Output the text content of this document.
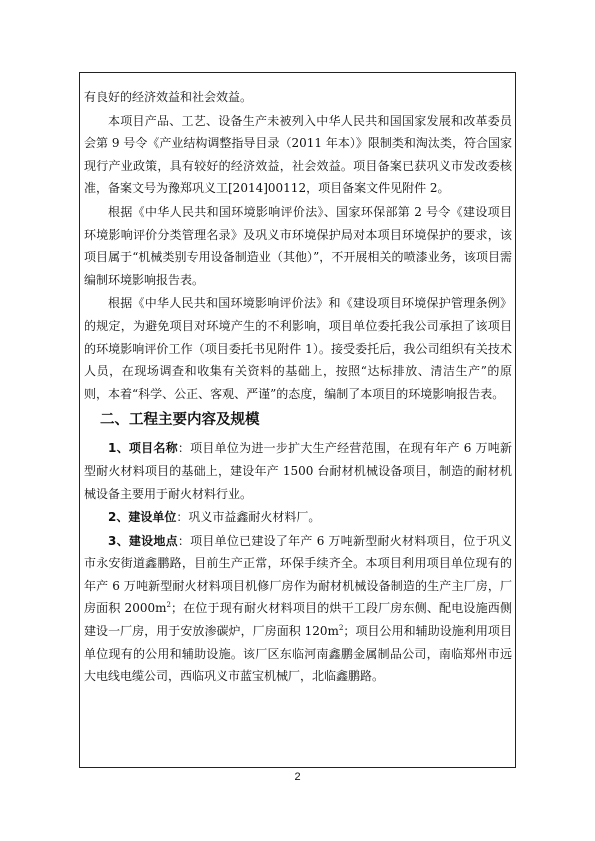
有良好的经济效益和社会效益。

本项目产品、工艺、设备生产未被列入中华人民共和国国家发展和改革委员会第 9 号令《产业结构调整指导目录（2011 年本）》限制类和淘汰类，符合国家现行产业政策，具有较好的经济效益，社会效益。项目备案已获巩义市发改委核准，备案文号为豫郑巩义工[2014]00112，项目备案文件见附件 2。

根据《中华人民共和国环境影响评价法》、国家环保部第 2 号令《建设项目环境影响评价分类管理名录》及巩义市环境保护局对本项目环境保护的要求，该项目属于“机械类别专用设备制造业（其他）”，不开展相关的喷漆业务，该项目需编制环境影响报告表。

根据《中华人民共和国环境影响评价法》和《建设项目环境保护管理条例》的规定，为避免项目对环境产生的不利影响，项目单位委托我公司承担了该项目的环境影响评价工作（项目委托书见附件 1）。接受委托后，我公司组织有关技术人员，在现场调查和收集有关资料的基础上，按照“达标排放、清洁生产”的原则，本着“科学、公正、客观、严谨”的态度，编制了本项目的环境影响报告表。

二、工程主要内容及规模

1、项目名称：项目单位为进一步扩大生产经营范围，在现有年产 6 万吨新型耐火材料项目的基础上，建设年产 1500 台耐材机械设备项目，制造的耐材机械设备主要用于耐火材料行业。

2、建设单位：巩义市益鑫耐火材料厂。

3、建设地点：项目单位已建设了年产 6 万吨新型耐火材料项目，位于巩义市永安街道鑫鹏路，目前生产正常，环保手续齐全。本项目利用项目单位现有的年产 6 万吨新型耐火材料项目机修厂房作为耐材机械设备制造的生产主厂房，厂房面积 $2000m^2$；在位于现有耐火材料项目的烘干工段厂房东侧、配电设施西侧建设一厂房，用于安放渗碳炉，厂房面积 $120m^2$；项目公用和辅助设施利用项目单位现有的公用和辅助设施。该厂区东临河南鑫鹏金属制品公司，南临郑州市远大电线电缆公司，西临巩义市蓝宝机械厂，北临鑫鹏路。

2
